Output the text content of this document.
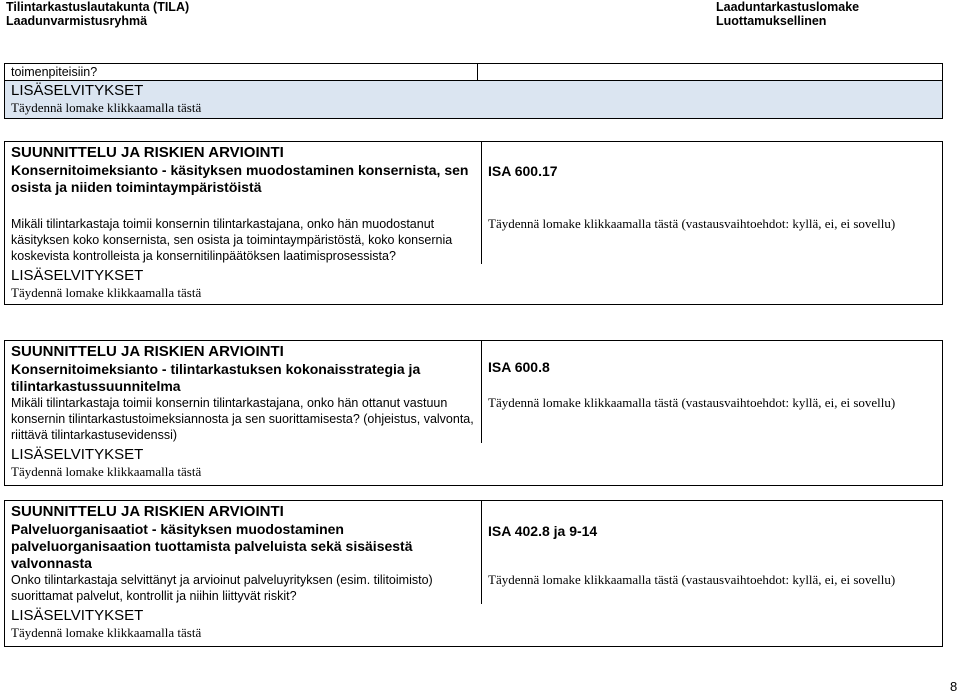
Tilintarkastuslautakunta (TILA)
Laadunvarmistusryhmä
Laaduntarkastuslomake
Luottamuksellinen
toimenpiteisiin?

LISÄSELVITYKSET
Täydennä lomake klikkaamalla tästä
SUUNNITTELU JA RISKIEN ARVIOINTI
Konsernitoimeksianto - käsityksen muodostaminen konsernista, sen osista ja niiden toimintaympäristöistä	ISA 600.17

Mikäli tilintarkastaja toimii konsernin tilintarkastajana, onko hän muodostanut käsityksen koko konsernista, sen osista ja toimintaympäristöstä, koko konsernia koskevista kontrolleista ja konsernitilinpäätöksen laatimisprosessista?	Täydennä lomake klikkaamalla tästä (vastausvaihtoehdot: kyllä, ei, ei sovellu)

LISÄSELVITYKSET
Täydennä lomake klikkaamalla tästä	
SUUNNITTELU JA RISKIEN ARVIOINTI
Konsernitoimeksianto - tilintarkastuksen kokonaisstrategia ja tilintarkastussuunnitelma	ISA 600.8

Mikäli tilintarkastaja toimii konsernin tilintarkastajana, onko hän ottanut vastuun konsernin tilintarkastustoimeksiannosta ja sen suorittamisesta? (ohjeistus, valvonta, riittävä tilintarkastusevidenssi)	Täydennä lomake klikkaamalla tästä (vastausvaihtoehdot: kyllä, ei, ei sovellu)

LISÄSELVITYKSET
Täydennä lomake klikkaamalla tästä	
SUUNNITTELU JA RISKIEN ARVIOINTI
Palveluorganisaatiot - käsityksen muodostaminen palveluorganisaation tuottamista palveluista sekä sisäisestä valvonnasta	ISA 402.8 ja 9-14

Onko tilintarkastaja selvittänyt ja arvioinut palveluyrityksen (esim. tilitoimisto) suorittamat palvelut, kontrollit ja niihin liittyvät riskit?	Täydennä lomake klikkaamalla tästä (vastausvaihtoehdot: kyllä, ei, ei sovellu)

LISÄSELVITYKSET
Täydennä lomake klikkaamalla tästä	
8
